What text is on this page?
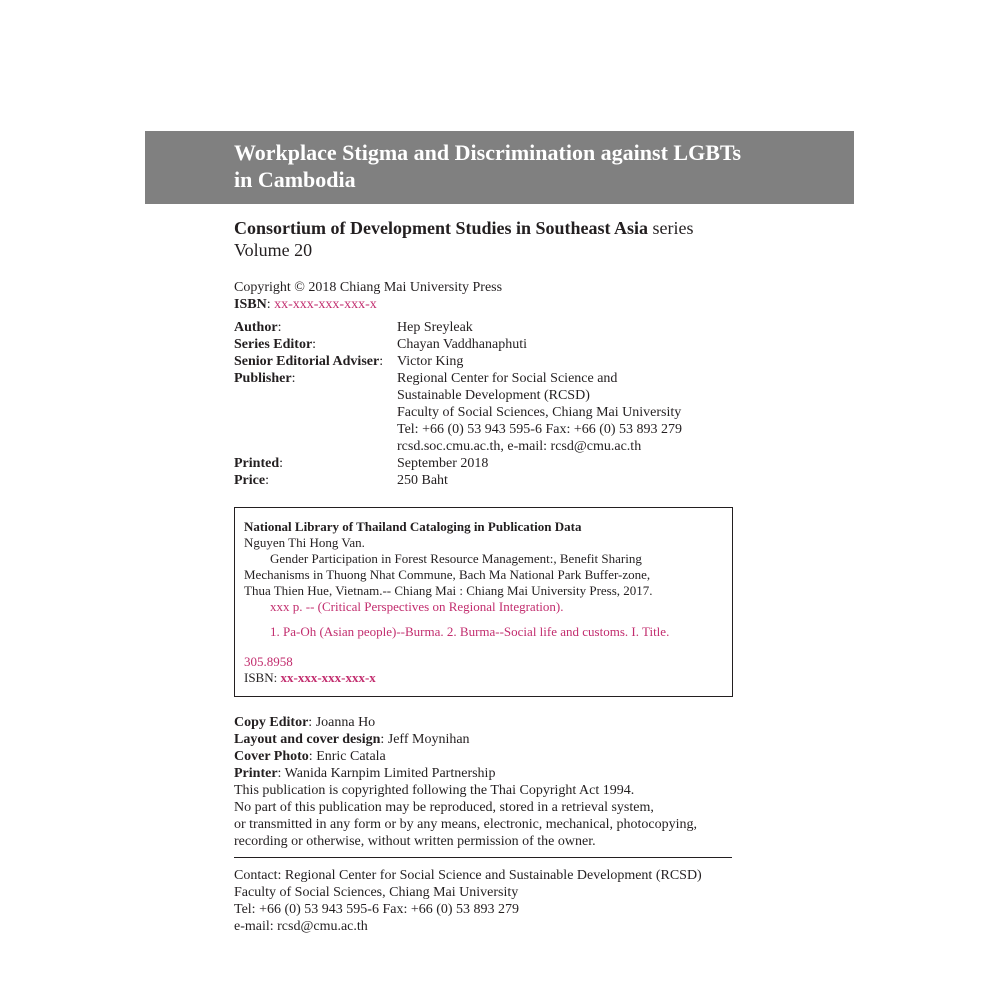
Workplace Stigma and Discrimination against LGBTs
in Cambodia
Consortium of Development Studies in Southeast Asia series
Volume 20
Copyright © 2018 Chiang Mai University Press
ISBN: xx-xxx-xxx-xxx-x
Author:	Hep Sreyleak
Series Editor:	Chayan Vaddhanaphuti
Senior Editorial Adviser: Victor King
Publisher:	Regional Center for Social Science and
Sustainable Development (RCSD)
Faculty of Social Sciences, Chiang Mai University
Tel: +66 (0) 53 943 595-6 Fax: +66 (0) 53 893 279
rcsd.soc.cmu.ac.th, e-mail: rcsd@cmu.ac.th
Printed:	September 2018
Price:	250 Baht
National Library of Thailand Cataloging in Publication Data
Nguyen Thi Hong Van.
Gender Participation in Forest Resource Management:, Benefit Sharing
Mechanisms in Thuong Nhat Commune, Bach Ma National Park Buffer-zone,
Thua Thien Hue, Vietnam.-- Chiang Mai : Chiang Mai University Press, 2017.
xxx p. -- (Critical Perspectives on Regional Integration).
1. Pa-Oh (Asian people)--Burma. 2. Burma--Social life and customs. I. Title.
305.8958
ISBN: xx-xxx-xxx-xxx-x
Copy Editor: Joanna Ho
Layout and cover design: Jeff Moynihan
Cover Photo: Enric Catala
Printer: Wanida Karnpim Limited Partnership
This publication is copyrighted following the Thai Copyright Act 1994.
No part of this publication may be reproduced, stored in a retrieval system,
or transmitted in any form or by any means, electronic, mechanical, photocopying,
recording or otherwise, without written permission of the owner.
Contact: Regional Center for Social Science and Sustainable Development (RCSD)
Faculty of Social Sciences, Chiang Mai University
Tel: +66 (0) 53 943 595-6 Fax: +66 (0) 53 893 279
e-mail: rcsd@cmu.ac.th
